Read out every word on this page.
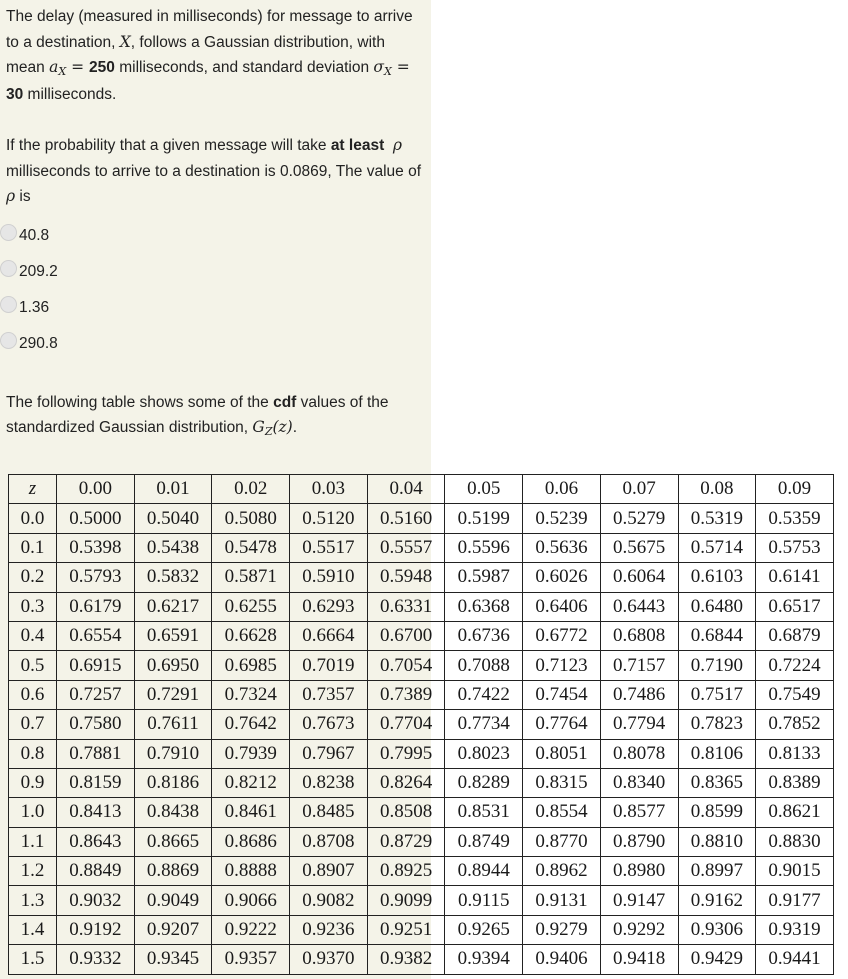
The delay (measured in milliseconds) for message to arrive to a destination, X, follows a Gaussian distribution, with mean aX = 250 milliseconds, and standard deviation σX = 30 milliseconds.

If the probability that a given message will take at least ρ milliseconds to arrive to a destination is 0.0869, The value of ρ is

40.8
209.2
1.36
290.8

The following table shows some of the cdf values of the standardized Gaussian distribution, GZ(z).

z	0.00	0.01	0.02	0.03	0.04	0.05	0.06	0.07	0.08	0.09
0.0	0.5000	0.5040	0.5080	0.5120	0.5160	0.5199	0.5239	0.5279	0.5319	0.5359
0.1	0.5398	0.5438	0.5478	0.5517	0.5557	0.5596	0.5636	0.5675	0.5714	0.5753
0.2	0.5793	0.5832	0.5871	0.5910	0.5948	0.5987	0.6026	0.6064	0.6103	0.6141
0.3	0.6179	0.6217	0.6255	0.6293	0.6331	0.6368	0.6406	0.6443	0.6480	0.6517
0.4	0.6554	0.6591	0.6628	0.6664	0.6700	0.6736	0.6772	0.6808	0.6844	0.6879
0.5	0.6915	0.6950	0.6985	0.7019	0.7054	0.7088	0.7123	0.7157	0.7190	0.7224
0.6	0.7257	0.7291	0.7324	0.7357	0.7389	0.7422	0.7454	0.7486	0.7517	0.7549
0.7	0.7580	0.7611	0.7642	0.7673	0.7704	0.7734	0.7764	0.7794	0.7823	0.7852
0.8	0.7881	0.7910	0.7939	0.7967	0.7995	0.8023	0.8051	0.8078	0.8106	0.8133
0.9	0.8159	0.8186	0.8212	0.8238	0.8264	0.8289	0.8315	0.8340	0.8365	0.8389
1.0	0.8413	0.8438	0.8461	0.8485	0.8508	0.8531	0.8554	0.8577	0.8599	0.8621
1.1	0.8643	0.8665	0.8686	0.8708	0.8729	0.8749	0.8770	0.8790	0.8810	0.8830
1.2	0.8849	0.8869	0.8888	0.8907	0.8925	0.8944	0.8962	0.8980	0.8997	0.9015
1.3	0.9032	0.9049	0.9066	0.9082	0.9099	0.9115	0.9131	0.9147	0.9162	0.9177
1.4	0.9192	0.9207	0.9222	0.9236	0.9251	0.9265	0.9279	0.9292	0.9306	0.9319
1.5	0.9332	0.9345	0.9357	0.9370	0.9382	0.9394	0.9406	0.9418	0.9429	0.9441
